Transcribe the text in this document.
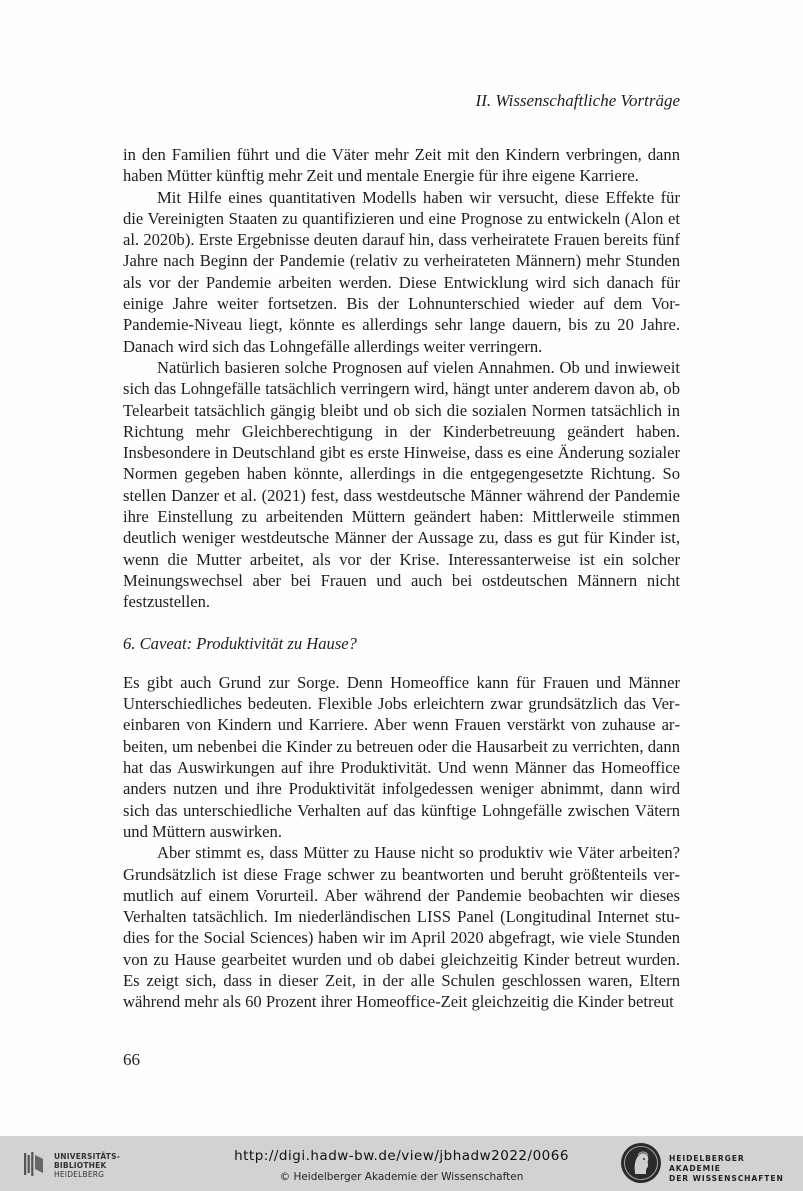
II. Wissenschaftliche Vorträge

in den Familien führt und die Väter mehr Zeit mit den Kindern verbringen, dann haben Mütter künftig mehr Zeit und mentale Energie für ihre eigene Karriere.

Mit Hilfe eines quantitativen Modells haben wir versucht, diese Effekte für die Vereinigten Staaten zu quantifizieren und eine Prognose zu entwickeln (Alon et al. 2020b). Erste Ergebnisse deuten darauf hin, dass verheiratete Frauen bereits fünf Jahre nach Beginn der Pandemie (relativ zu verheirateten Männern) mehr Stunden als vor der Pandemie arbeiten werden. Diese Entwicklung wird sich danach für einige Jahre weiter fortsetzen. Bis der Lohnunterschied wieder auf dem Vor-Pandemie-Niveau liegt, könnte es allerdings sehr lange dauern, bis zu 20 Jahre. Danach wird sich das Lohngefälle allerdings weiter verringern.

Natürlich basieren solche Prognosen auf vielen Annahmen. Ob und inwieweit sich das Lohngefälle tatsächlich verringern wird, hängt unter anderem davon ab, ob Telearbeit tatsächlich gängig bleibt und ob sich die sozialen Normen tatsächlich in Richtung mehr Gleichberechtigung in der Kinderbetreuung geändert haben. Insbesondere in Deutschland gibt es erste Hinweise, dass es eine Änderung sozialer Normen gegeben haben könnte, allerdings in die entgegengesetzte Richtung. So stellen Danzer et al. (2021) fest, dass westdeutsche Männer während der Pandemie ihre Einstellung zu arbeitenden Müttern geändert haben: Mittlerweile stimmen deutlich weniger westdeutsche Männer der Aussage zu, dass es gut für Kinder ist, wenn die Mutter arbeitet, als vor der Krise. Interessanterweise ist ein solcher Meinungswechsel aber bei Frauen und auch bei ostdeutschen Männern nicht festzustellen.

6. Caveat: Produktivität zu Hause?

Es gibt auch Grund zur Sorge. Denn Homeoffice kann für Frauen und Männer Unterschiedliches bedeuten. Flexible Jobs erleichtern zwar grundsätzlich das Vereinbaren von Kindern und Karriere. Aber wenn Frauen verstärkt von zuhause arbeiten, um nebenbei die Kinder zu betreuen oder die Hausarbeit zu verrichten, dann hat das Auswirkungen auf ihre Produktivität. Und wenn Männer das Homeoffice anders nutzen und ihre Produktivität infolgedessen weniger abnimmt, dann wird sich das unterschiedliche Verhalten auf das künftige Lohngefälle zwischen Vätern und Müttern auswirken.

Aber stimmt es, dass Mütter zu Hause nicht so produktiv wie Väter arbeiten? Grundsätzlich ist diese Frage schwer zu beantworten und beruht größtenteils vermutlich auf einem Vorurteil. Aber während der Pandemie beobachten wir dieses Verhalten tatsächlich. Im niederländischen LISS Panel (Longitudinal Internet studies for the Social Sciences) haben wir im April 2020 abgefragt, wie viele Stunden von zu Hause gearbeitet wurden und ob dabei gleichzeitig Kinder betreut wurden. Es zeigt sich, dass in dieser Zeit, in der alle Schulen geschlossen waren, Eltern während mehr als 60 Prozent ihrer Homeoffice-Zeit gleichzeitig die Kinder betreut

66
UNIVERSITÄTS-
BIBLIOTHEK
HEIDELBERG
http://digi.hadw-bw.de/view/jbhadw2022/0066
© Heidelberger Akademie der Wissenschaften
HEIDELBERGER AKADEMIE
DER WISSENSCHAFTEN
